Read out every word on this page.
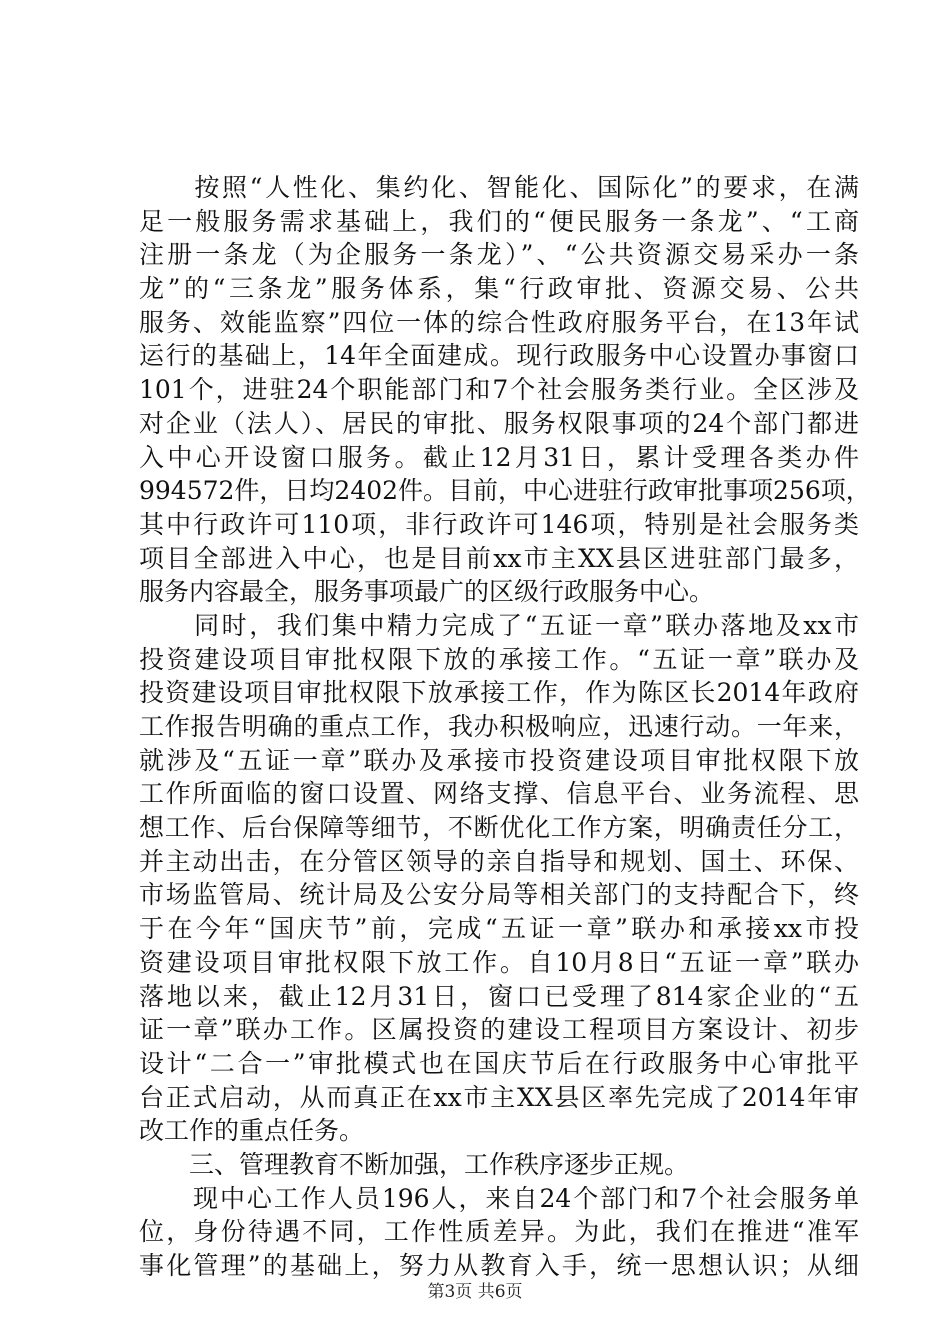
　　按照“人性化、集约化、智能化、国际化”的要求，在满
足一般服务需求基础上，我们的“便民服务一条龙”、“工商
注册一条龙（为企服务一条龙）”、“公共资源交易采办一条
龙”的“三条龙”服务体系，集“行政审批、资源交易、公共
服务、效能监察”四位一体的综合性政府服务平台，在13年试
运行的基础上，14年全面建成。现行政服务中心设置办事窗口
101个，进驻24个职能部门和7个社会服务类行业。全区涉及
对企业（法人）、居民的审批、服务权限事项的24个部门都进
入中心开设窗口服务。截止12月31日，累计受理各类办件
994572件，日均2402件。目前，中心进驻行政审批事项256项，
其中行政许可110项，非行政许可146项，特别是社会服务类
项目全部进入中心，也是目前xx市主XX县区进驻部门最多，
服务内容最全，服务事项最广的区级行政服务中心。
　　同时，我们集中精力完成了“五证一章”联办落地及xx市
投资建设项目审批权限下放的承接工作。“五证一章”联办及
投资建设项目审批权限下放承接工作，作为陈区长2014年政府
工作报告明确的重点工作，我办积极响应，迅速行动。一年来，
就涉及“五证一章”联办及承接市投资建设项目审批权限下放
工作所面临的窗口设置、网络支撑、信息平台、业务流程、思
想工作、后台保障等细节，不断优化工作方案，明确责任分工，
并主动出击，在分管区领导的亲自指导和规划、国土、环保、
市场监管局、统计局及公安分局等相关部门的支持配合下，终
于在今年“国庆节”前，完成“五证一章”联办和承接xx市投
资建设项目审批权限下放工作。自10月8日“五证一章”联办
落地以来，截止12月31日，窗口已受理了814家企业的“五
证一章”联办工作。区属投资的建设工程项目方案设计、初步
设计“二合一”审批模式也在国庆节后在行政服务中心审批平
台正式启动，从而真正在xx市主XX县区率先完成了2014年审
改工作的重点任务。
　　三、管理教育不断加强，工作秩序逐步正规。
　　现中心工作人员196人，来自24个部门和7个社会服务单
位，身份待遇不同，工作性质差异。为此，我们在推进“准军
事化管理”的基础上，努力从教育入手，统一思想认识；从细
第3页 共6页
